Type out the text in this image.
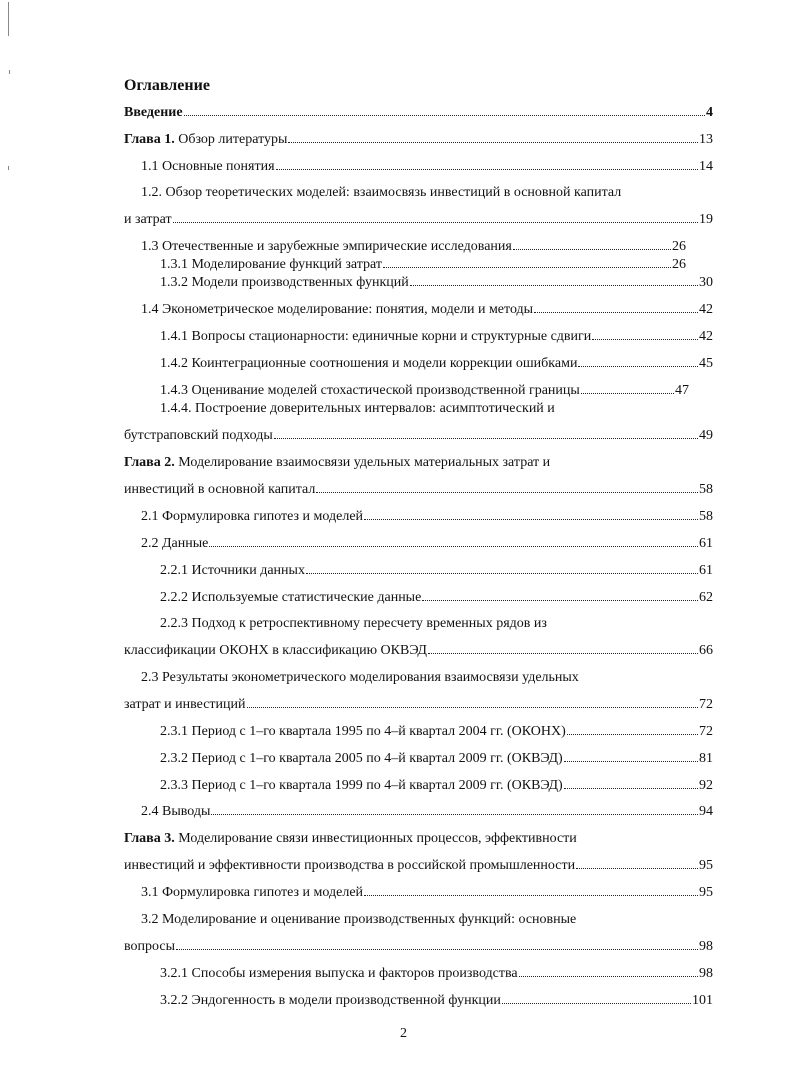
Оглавление
Введение	4
Глава 1. Обзор литературы	13
1.1 Основные понятия	14
1.2. Обзор теоретических моделей: взаимосвязь инвестиций в основной капитал
и затрат	19
1.3 Отечественные и зарубежные эмпирические исследования	26
1.3.1 Моделирование функций затрат	26
1.3.2 Модели производственных функций	30
1.4 Эконометрическое моделирование: понятия, модели и методы	42
1.4.1 Вопросы стационарности: единичные корни и структурные сдвиги	42
1.4.2 Коинтеграционные соотношения и модели коррекции ошибками	45
1.4.3 Оценивание моделей стохастической производственной границы	47
1.4.4. Построение доверительных интервалов: асимптотический и
бутстраповский подходы	49
Глава 2. Моделирование взаимосвязи удельных материальных затрат и
инвестиций в основной капитал	58
2.1 Формулировка гипотез и моделей	58
2.2 Данные	61
2.2.1 Источники данных	61
2.2.2 Используемые статистические данные	62
2.2.3 Подход к ретроспективному пересчету временных рядов из
классификации ОКОНХ в классификацию ОКВЭД	66
2.3 Результаты эконометрического моделирования взаимосвязи удельных
затрат и инвестиций	72
2.3.1 Период с 1–го квартала 1995 по 4–й квартал 2004 гг. (ОКОНХ)	72
2.3.2 Период с 1–го квартала 2005 по 4–й квартал 2009 гг. (ОКВЭД)	81
2.3.3 Период с 1–го квартала 1999 по 4–й квартал 2009 гг. (ОКВЭД)	92
2.4 Выводы	94
Глава 3. Моделирование связи инвестиционных процессов, эффективности
инвестиций и эффективности производства в российской промышленности	95
3.1 Формулировка гипотез и моделей	95
3.2 Моделирование и оценивание производственных функций: основные
вопросы	98
3.2.1 Способы измерения выпуска и факторов производства	98
3.2.2 Эндогенность в модели производственной функции	101
2
